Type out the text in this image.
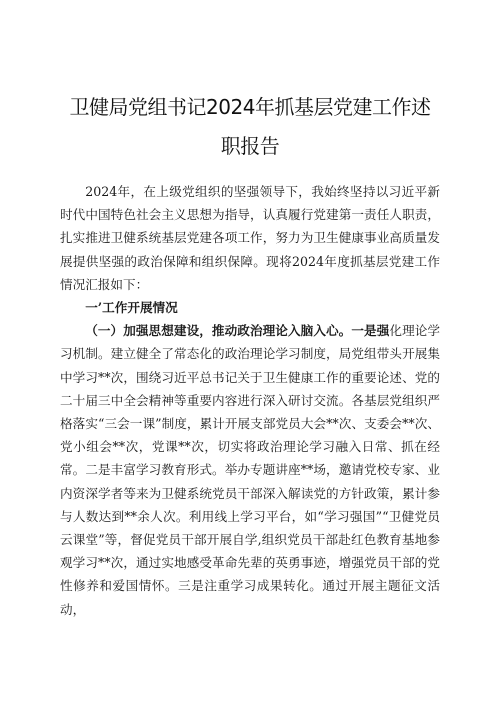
卫健局党组书记2024年抓基层党建工作述
职报告

2024年，在上级党组织的坚强领导下，我始终坚持以习近平新时代中国特色社会主义思想为指导，认真履行党建第一责任人职责，扎实推进卫健系统基层党建各项工作，努力为卫生健康事业高质量发展提供坚强的政治保障和组织保障。现将2024年度抓基层党建工作情况汇报如下：

一’工作开展情况

（一）加强思想建设，推动政治理论入脑入心。一是强化理论学习机制。建立健全了常态化的政治理论学习制度，局党组带头开展集中学习**次，围绕习近平总书记关于卫生健康工作的重要论述、党的二十届三中全会精神等重要内容进行深入研讨交流。各基层党组织严格落实“三会一课”制度，累计开展支部党员大会**次、支委会**次、党小组会**次，党课**次，切实将政治理论学习融入日常、抓在经常。二是丰富学习教育形式。举办专题讲座**场，邀请党校专家、业内资深学者等来为卫健系统党员干部深入解读党的方针政策，累计参与人数达到**余人次。利用线上学习平台，如“学习强国”“卫健党员云课堂”等，督促党员干部开展自学,组织党员干部赴红色教育基地参观学习**次，通过实地感受革命先辈的英勇事迹，增强党员干部的党性修养和爱国情怀。三是注重学习成果转化。通过开展主题征文活动，
